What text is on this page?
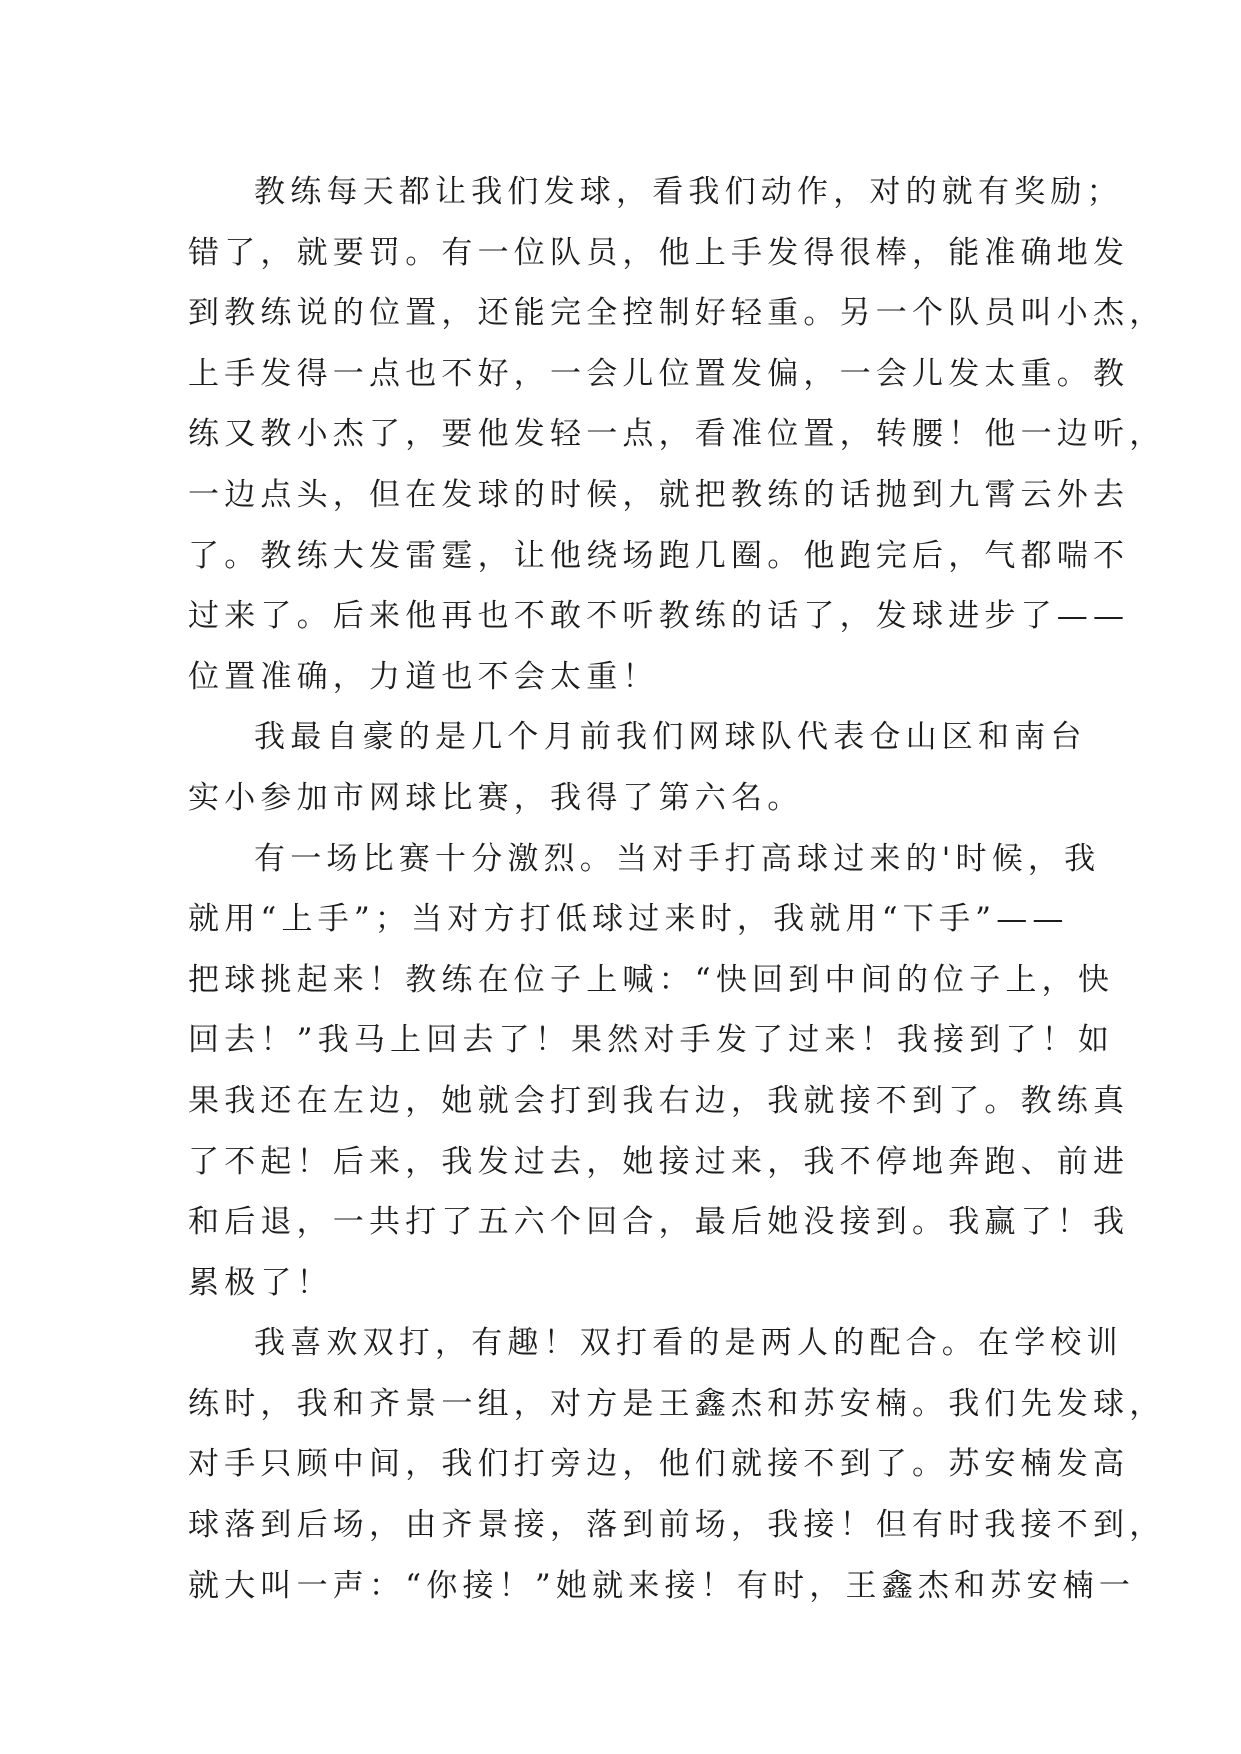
教练每天都让我们发球，看我们动作，对的就有奖励；
错了，就要罚。有一位队员，他上手发得很棒，能准确地发
到教练说的位置，还能完全控制好轻重。另一个队员叫小杰，
上手发得一点也不好，一会儿位置发偏，一会儿发太重。教
练又教小杰了，要他发轻一点，看准位置，转腰！他一边听，
一边点头，但在发球的时候，就把教练的话抛到九霄云外去
了。教练大发雷霆，让他绕场跑几圈。他跑完后，气都喘不
过来了。后来他再也不敢不听教练的话了，发球进步了——
位置准确，力道也不会太重！
我最自豪的是几个月前我们网球队代表仓山区和南台
实小参加市网球比赛，我得了第六名。
有一场比赛十分激烈。当对手打高球过来的'时候，我
就用“上手”；当对方打低球过来时，我就用“下手”——
把球挑起来！教练在位子上喊：“快回到中间的位子上，快
回去！”我马上回去了！果然对手发了过来！我接到了！如
果我还在左边，她就会打到我右边，我就接不到了。教练真
了不起！后来，我发过去，她接过来，我不停地奔跑、前进
和后退，一共打了五六个回合，最后她没接到。我赢了！我
累极了！
我喜欢双打，有趣！双打看的是两人的配合。在学校训
练时，我和齐景一组，对方是王鑫杰和苏安楠。我们先发球，
对手只顾中间，我们打旁边，他们就接不到了。苏安楠发高
球落到后场，由齐景接，落到前场，我接！但有时我接不到，
就大叫一声：“你接！”她就来接！有时，王鑫杰和苏安楠一
